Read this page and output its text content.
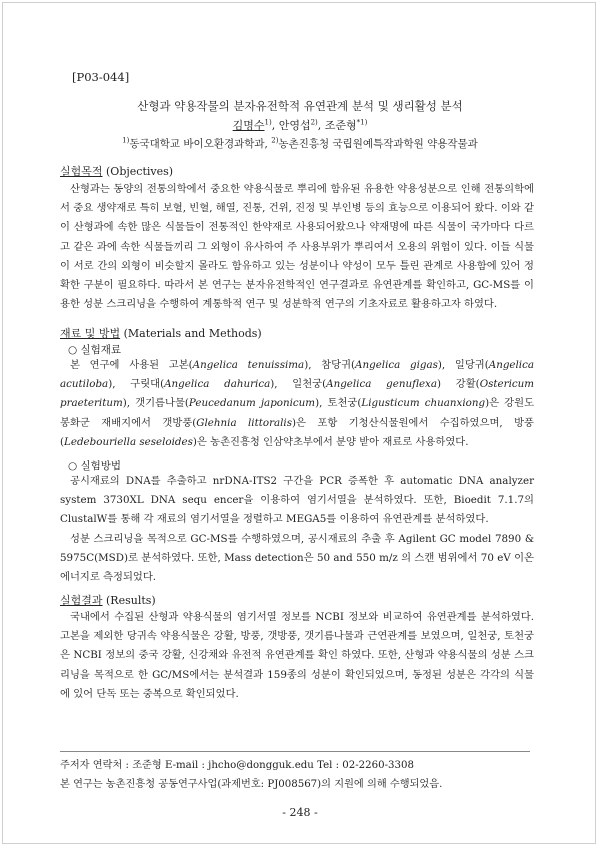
[P03-044]
산형과 약용작물의 분자유전학적 유연관계 분석 및 생리활성 분석
김명수$^{1)}$, 안영섭$^{2)}$, 조준형$^{*1)}$
$^{1)}$동국대학교 바이오환경과학과, $^{2)}$농촌진흥청 국립원예특작과학원 약용작물과
실험목적 (Objectives)

산형과는 동양의 전통의학에서 중요한 약용식물로 뿌리에 함유된 유용한 약용성분으로 인해 전통의학에서 중요 생약재로 특히 보혈, 빈혈, 해열, 진통, 건위, 진정 및 부인병 등의 효능으로 이용되어 왔다. 이와 같이 산형과에 속한 많은 식물들이 전통적인 한약재로 사용되어왔으나 약재명에 따른 식물이 국가마다 다르고 같은 과에 속한 식물들끼리 그 외형이 유사하여 주 사용부위가 뿌리여서 오용의 위험이 있다. 이들 식물이 서로 간의 외형이 비슷할지 몰라도 함유하고 있는 성분이나 약성이 모두 틀린 관계로 사용함에 있어 정확한 구분이 필요하다. 따라서 본 연구는 분자유전학적인 연구결과로 유연관계를 확인하고, GC-MS를 이용한 성분 스크리닝을 수행하여 계통학적 연구 및 성분학적 연구의 기초자료로 활용하고자 하였다.

재료 및 방법 (Materials and Methods)
○ 실험재료

본 연구에 사용된 고본(Angelica tenuissima), 참당귀(Angelica gigas), 일당귀(Angelica acutiloba), 구릿대(Angelica dahurica), 일천궁(Angelica genuflexa) 강활(Ostericum praeteritum), 갯기름나물(Peucedanum japonicum), 토천궁(Ligusticum chuanxiong)은 강원도 봉화군 재배지에서 갯방풍(Glehnia littoralis)은 포항 기청산식물원에서 수집하였으며, 방풍(Ledebouriella seseloides)은 농촌진흥청 인삼약초부에서 분양 받아 재료로 사용하였다.

○ 실험방법

공시재료의 DNA를 추출하고 nrDNA-ITS2 구간을 PCR 증폭한 후 automatic DNA analyzer system 3730XL DNA sequ encer을 이용하여 염기서열을 분석하였다. 또한, Bioedit 7.1.7의 ClustalW를 통해 각 재료의 염기서열을 정렬하고 MEGA5를 이용하여 유연관계를 분석하였다.

성분 스크리닝을 목적으로 GC-MS를 수행하였으며, 공시재료의 추출 후 Agilent GC model 7890 & 5975C(MSD)로 분석하였다. 또한, Mass detection은 50 and 550 m/z 의 스캔 범위에서 70 eV 이온에너지로 측정되었다.

실험결과 (Results)

국내에서 수집된 산형과 약용식물의 염기서열 정보를 NCBI 정보와 비교하여 유연관계를 분석하였다. 고본을 제외한 당귀속 약용식물은 강활, 방풍, 갯방풍, 갯기름나물과 근연관계를 보였으며, 일천궁, 토천궁은 NCBI 정보의 중국 강활, 신강채와 유전적 유연관계를 확인 하였다. 또한, 산형과 약용식물의 성분 스크리닝을 목적으로 한 GC/MS에서는 분석결과 159종의 성분이 확인되었으며, 동정된 성분은 각각의 식물에 있어 단독 또는 중복으로 확인되었다.

주저자 연락처 : 조준형 E-mail : jhcho@dongguk.edu Tel : 02-2260-3308
본 연구는 농촌진흥청 공동연구사업(과제번호: PJ008567)의 지원에 의해 수행되었음.
- 248 -
